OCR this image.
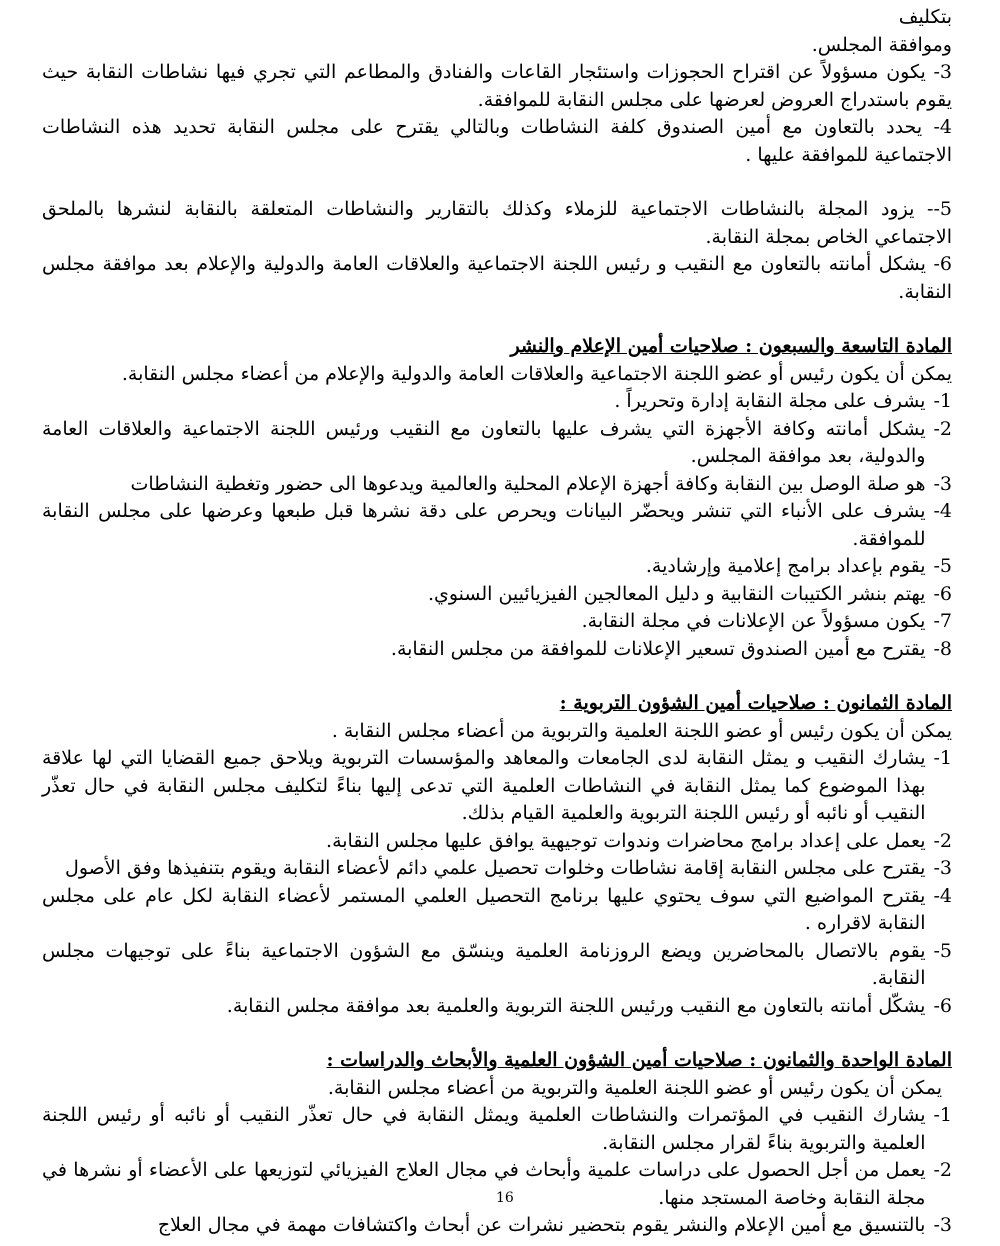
بتكليف

وموافقة المجلس.

3- يكون مسؤولاً عن اقتراح الحجوزات واستئجار القاعات والفنادق والمطاعم التي تجري فيها نشاطات النقابة حيث يقوم باستدراج العروض لعرضها على مجلس النقابة للموافقة.

4- يحدد بالتعاون مع أمين الصندوق كلفة النشاطات وبالتالي يقترح على مجلس النقابة تحديد هذه النشاطات الاجتماعية للموافقة عليها .

5-- يزود المجلة بالنشاطات الاجتماعية للزملاء وكذلك بالتقارير والنشاطات المتعلقة بالنقابة لنشرها بالملحق الاجتماعي الخاص بمجلة النقابة.

6- يشكل أمانته بالتعاون مع النقيب و رئيس اللجنة الاجتماعية والعلاقات العامة والدولية والإعلام بعد موافقة مجلس النقابة.

المادة التاسعة والسبعون : صلاحيات أمين الإعلام والنشر

يمكن أن يكون رئيس أو عضو اللجنة الاجتماعية والعلاقات العامة والدولية والإعلام من أعضاء مجلس النقابة.

1-
يشرف على مجلة النقابة إدارة وتحريراً .
2-
يشكل أمانته وكافة الأجهزة التي يشرف عليها بالتعاون مع النقيب ورئيس اللجنة الاجتماعية والعلاقات العامة والدولية، بعد موافقة المجلس.
3-
هو صلة الوصل بين النقابة وكافة أجهزة الإعلام المحلية والعالمية ويدعوها الى حضور وتغطية النشاطات
4-
يشرف على الأنباء التي تنشر ويحضّر البيانات ويحرص على دقة نشرها قبل طبعها وعرضها على مجلس النقابة للموافقة.
5-
يقوم بإعداد برامج إعلامية وإرشادية.
6-
يهتم بنشر الكتيبات النقابية و دليل المعالجين الفيزيائيين السنوي.
7-
يكون مسؤولاً عن الإعلانات في مجلة النقابة.
8-
يقترح مع أمين الصندوق تسعير الإعلانات للموافقة من مجلس النقابة.

المادة الثمانون : صلاحيات أمين الشؤون التربوية :

يمكن أن يكون رئيس أو عضو اللجنة العلمية والتربوية من أعضاء مجلس النقابة .

1-
يشارك النقيب و يمثل النقابة لدى الجامعات والمعاهد والمؤسسات التربوية ويلاحق جميع القضايا التي لها علاقة بهذا الموضوع كما يمثل النقابة في النشاطات العلمية التي تدعى إليها بناءً لتكليف مجلس النقابة في حال تعذّر النقيب أو نائبه أو رئيس اللجنة التربوية والعلمية القيام بذلك.
2-
يعمل على إعداد برامج محاضرات وندوات توجيهية يوافق عليها مجلس النقابة.
3-
يقترح على مجلس النقابة إقامة نشاطات وخلوات تحصيل علمي دائم لأعضاء النقابة ويقوم بتنفيذها وفق الأصول
4-
يقترح المواضيع التي سوف يحتوي عليها برنامج التحصيل العلمي المستمر لأعضاء النقابة لكل عام على مجلس النقابة لاقراره .
5-
يقوم بالاتصال بالمحاضرين ويضع الروزنامة العلمية وينسّق مع الشؤون الاجتماعية بناءً على توجيهات مجلس النقابة.
6-
يشكّل أمانته بالتعاون مع النقيب ورئيس اللجنة التربوية والعلمية بعد موافقة مجلس النقابة.

المادة الواحدة والثمانون : صلاحيات أمين الشؤون العلمية والأبحاث والدراسات :

يمكن أن يكون رئيس أو عضو اللجنة العلمية والتربوية من أعضاء مجلس النقابة.

1-
يشارك النقيب في المؤتمرات والنشاطات العلمية ويمثل النقابة في حال تعذّر النقيب أو نائبه أو رئيس اللجنة العلمية والتربوية بناءً لقرار مجلس النقابة.
2-
يعمل من أجل الحصول على دراسات علمية وأبحاث في مجال العلاج الفيزيائي لتوزيعها على الأعضاء أو نشرها في مجلة النقابة وخاصة المستجد منها.
3-
بالتنسيق مع أمين الإعلام والنشر يقوم بتحضير نشرات عن أبحاث واكتشافات مهمة في مجال العلاج
16
